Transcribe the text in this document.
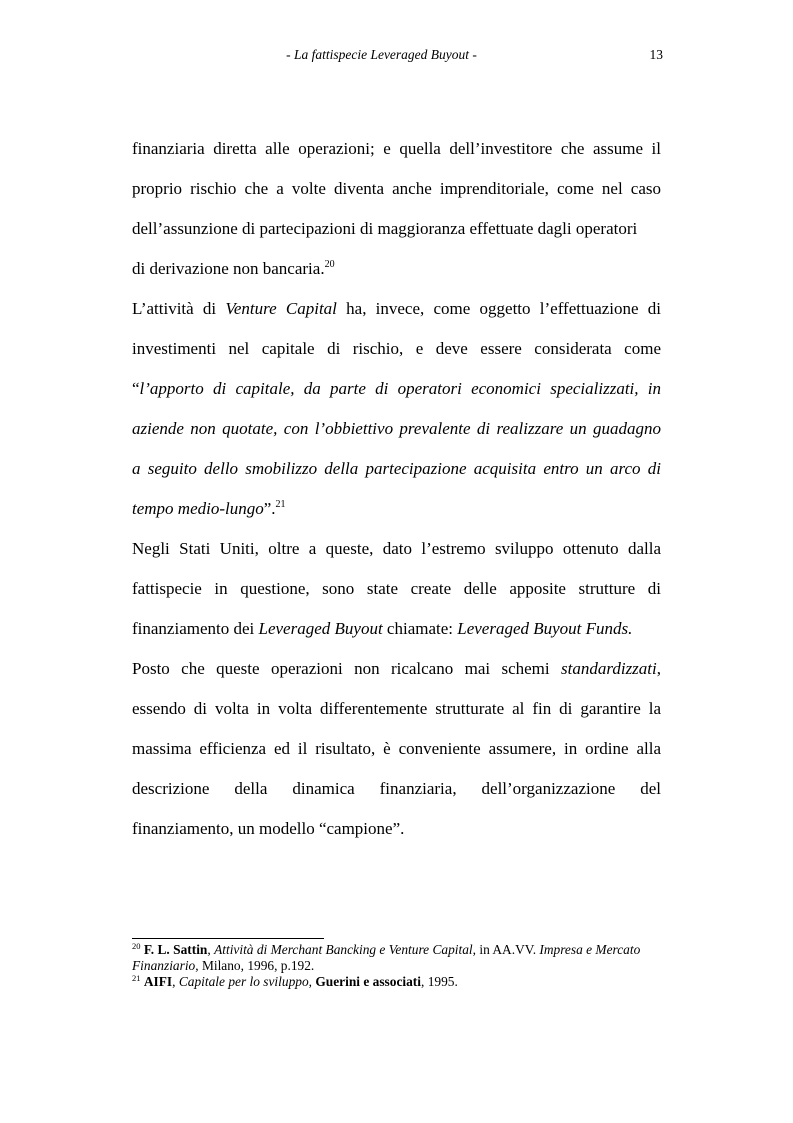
- La fattispecie Leveraged Buyout -	13
finanziaria diretta alle operazioni; e quella dell’investitore che assume il
proprio rischio che a volte diventa anche imprenditoriale, come nel caso
dell’assunzione di partecipazioni di maggioranza effettuate dagli operatori
di derivazione non bancaria.$^{20}$
L’attività di Venture Capital ha, invece, come oggetto l’effettuazione di
investimenti nel capitale di rischio, e deve essere considerata come
“l’apporto di capitale, da parte di operatori economici specializzati, in
aziende non quotate, con l’obbiettivo prevalente di realizzare un guadagno
a seguito dello smobilizzo della partecipazione acquisita entro un arco di
tempo medio-lungo”.$^{21}$
Negli Stati Uniti, oltre a queste, dato l’estremo sviluppo ottenuto dalla
fattispecie in questione, sono state create delle apposite strutture di
finanziamento dei Leveraged Buyout chiamate: Leveraged Buyout Funds.
Posto che queste operazioni non ricalcano mai schemi standardizzati,
essendo di volta in volta differentemente strutturate al fin di garantire la
massima efficienza ed il risultato, è conveniente assumere, in ordine alla
descrizione della dinamica finanziaria, dell’organizzazione del
finanziamento, un modello “campione”.
$^{20}$ F. L. Sattin, Attività di Merchant Bancking e Venture Capital, in AA.VV. Impresa e Mercato
Finanziario, Milano, 1996, p.192.
$^{21}$ AIFI, Capitale per lo sviluppo, Guerini e associati, 1995.
